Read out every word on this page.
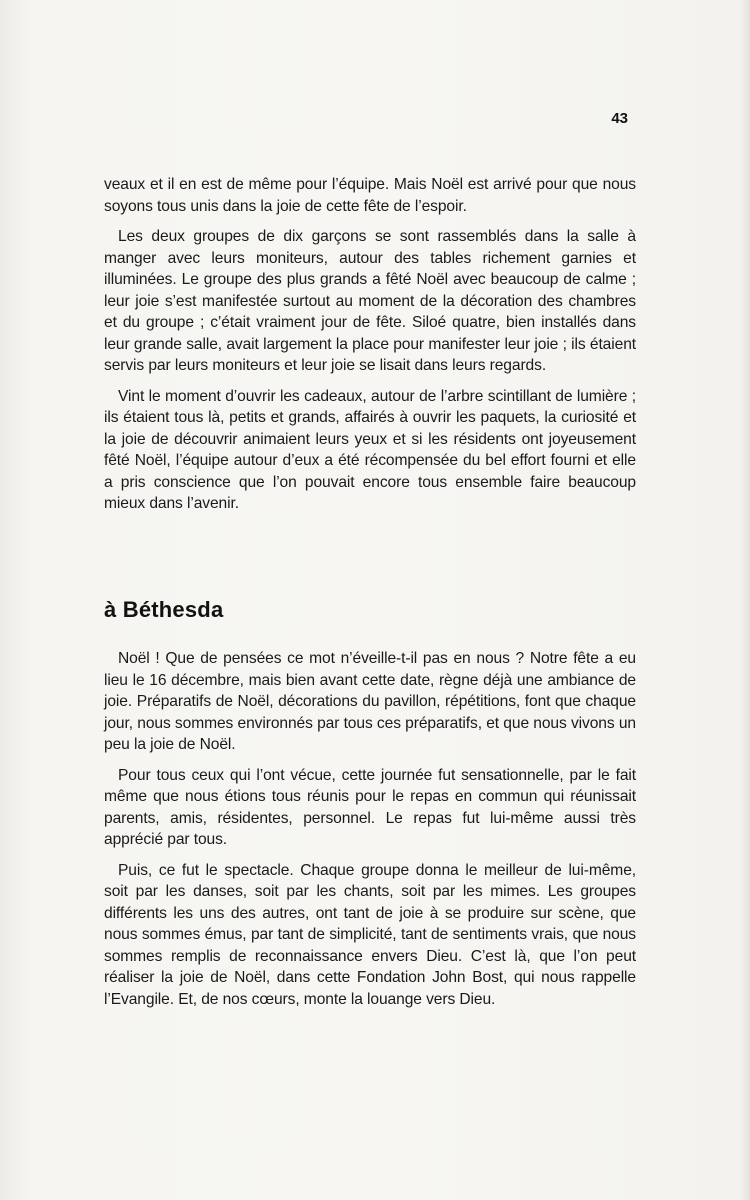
43

veaux et il en est de même pour l’équipe. Mais Noël est arrivé pour que nous soyons tous unis dans la joie de cette fête de l’espoir.

Les deux groupes de dix garçons se sont rassemblés dans la salle à manger avec leurs moniteurs, autour des tables richement garnies et illuminées. Le groupe des plus grands a fêté Noël avec beaucoup de calme ; leur joie s’est manifestée surtout au moment de la décoration des chambres et du groupe ; c’était vraiment jour de fête. Siloé quatre, bien installés dans leur grande salle, avait largement la place pour manifester leur joie ; ils étaient servis par leurs moniteurs et leur joie se lisait dans leurs regards.

Vint le moment d’ouvrir les cadeaux, autour de l’arbre scintillant de lumière ; ils étaient tous là, petits et grands, affairés à ouvrir les paquets, la curiosité et la joie de découvrir animaient leurs yeux et si les résidents ont joyeusement fêté Noël, l’équipe autour d’eux a été récompensée du bel effort fourni et elle a pris conscience que l’on pouvait encore tous ensemble faire beaucoup mieux dans l’avenir.

à Béthesda

Noël ! Que de pensées ce mot n’éveille-t-il pas en nous ? Notre fête a eu lieu le 16 décembre, mais bien avant cette date, règne déjà une ambiance de joie. Préparatifs de Noël, décorations du pavillon, répétitions, font que chaque jour, nous sommes environnés par tous ces préparatifs, et que nous vivons un peu la joie de Noël.

Pour tous ceux qui l’ont vécue, cette journée fut sensationnelle, par le fait même que nous étions tous réunis pour le repas en commun qui réunissait parents, amis, résidentes, personnel. Le repas fut lui-même aussi très apprécié par tous.

Puis, ce fut le spectacle. Chaque groupe donna le meilleur de lui-même, soit par les danses, soit par les chants, soit par les mimes. Les groupes différents les uns des autres, ont tant de joie à se produire sur scène, que nous sommes émus, par tant de simplicité, tant de sentiments vrais, que nous sommes remplis de reconnaissance envers Dieu. C’est là, que l’on peut réaliser la joie de Noël, dans cette Fondation John Bost, qui nous rappelle l’Evangile. Et, de nos cœurs, monte la louange vers Dieu.
